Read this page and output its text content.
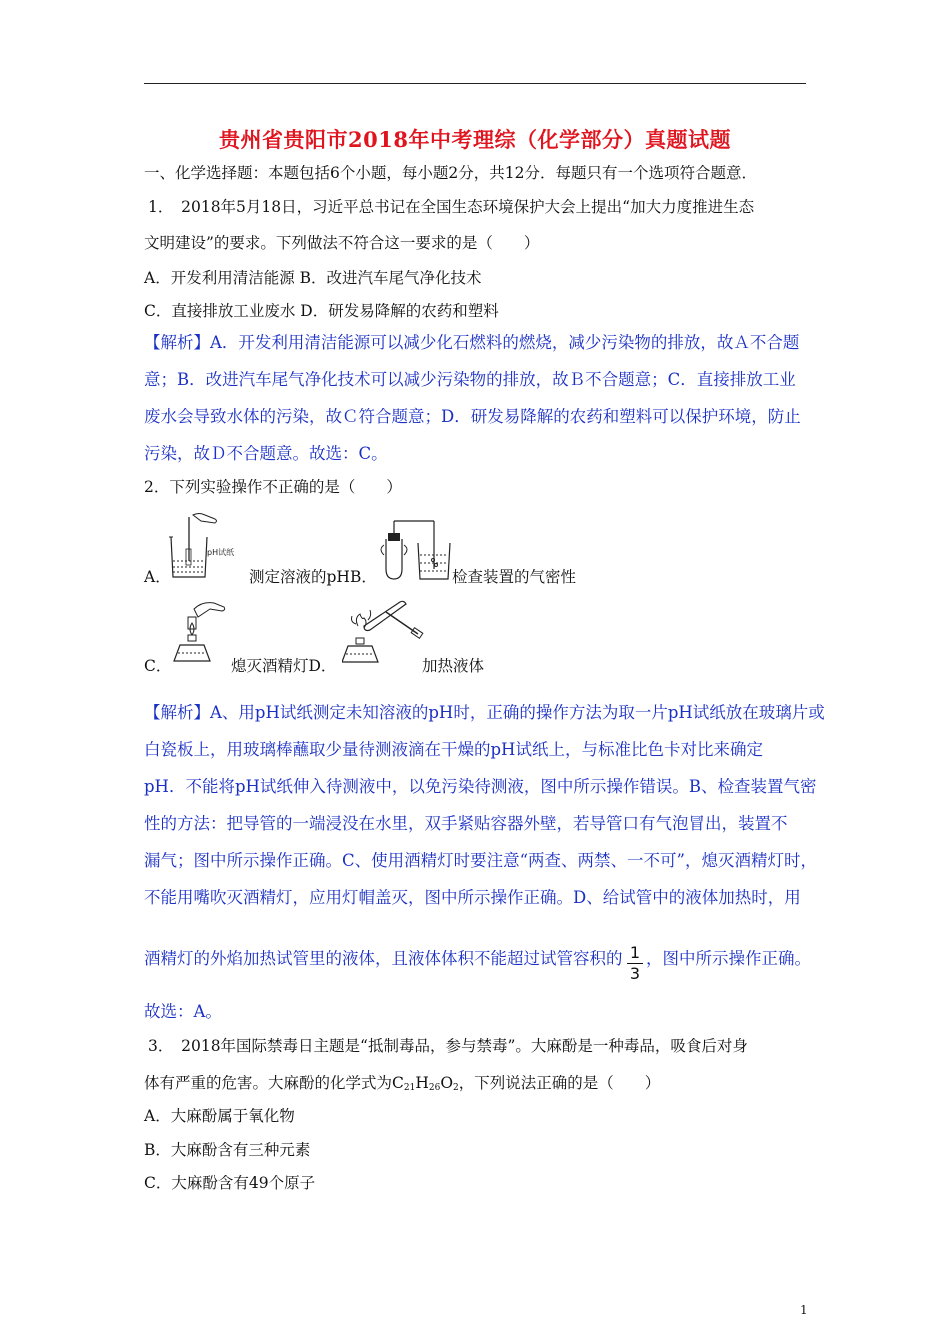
贵州省贵阳市2018年中考理综（化学部分）真题试题
一、化学选择题：本题包括6个小题，每小题2分，共12分．每题只有一个选项符合题意．
1．　2018年5月18日，习近平总书记在全国生态环境保护大会上提出“加大力度推进生态
文明建设”的要求。下列做法不符合这一要求的是（　　）
A．开发利用清洁能源 B．改进汽车尾气净化技术
C．直接排放工业废水 D．研发易降解的农药和塑料
【解析】A．开发利用清洁能源可以减少化石燃料的燃烧，减少污染物的排放，故Ａ不合题
意；B．改进汽车尾气净化技术可以减少污染物的排放，故Ｂ不合题意；C．直接排放工业
废水会导致水体的污染，故Ｃ符合题意；D．研发易降解的农药和塑料可以保护环境，防止
污染，故Ｄ不合题意。故选：C。
2．下列实验操作不正确的是（　　）
A．
pH试纸
测定溶液的pHB．	检查装置的气密性
C．	熄灭酒精灯D．	加热液体
【解析】A、用pH试纸测定未知溶液的pH时，正确的操作方法为取一片pH试纸放在玻璃片或
白瓷板上，用玻璃棒蘸取少量待测液滴在干燥的pH试纸上，与标准比色卡对比来确定
pH．不能将pH试纸伸入待测液中，以免污染待测液，图中所示操作错误。B、检查装置气密
性的方法：把导管的一端浸没在水里，双手紧贴容器外壁，若导管口有气泡冒出，装置不
漏气；图中所示操作正确。C、使用酒精灯时要注意“两查、两禁、一不可”，熄灭酒精灯时，
不能用嘴吹灭酒精灯，应用灯帽盖灭，图中所示操作正确。D、给试管中的液体加热时，用
酒精灯的外焰加热试管里的液体，且液体体积不能超过试管容积的 1
3
，图中所示操作正确。
故选：A。
3．　2018年国际禁毒日主题是“抵制毒品，参与禁毒”。大麻酚是一种毒品，吸食后对身
体有严重的危害。大麻酚的化学式为$C_{21}H_{26}O_2$，下列说法正确的是（　　）
A．大麻酚属于氧化物
B．大麻酚含有三种元素
C．大麻酚含有49个原子
1
